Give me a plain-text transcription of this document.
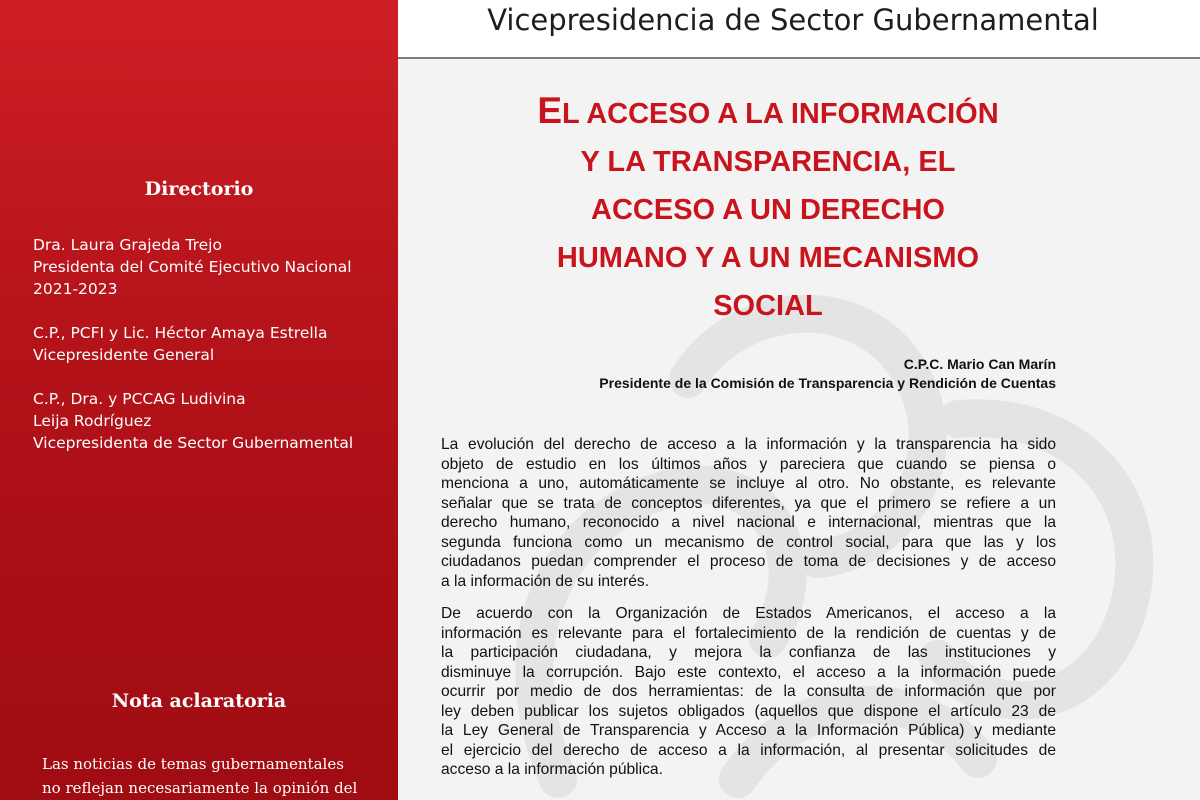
Directorio
Dra. Laura Grajeda Trejo
Presidenta del Comité Ejecutivo Nacional
2021-2023
C.P., PCFI y Lic. Héctor Amaya Estrella
Vicepresidente General
C.P., Dra. y PCCAG Ludivina
Leija Rodríguez
Vicepresidenta de Sector Gubernamental
Nota aclaratoria
Las noticias de temas gubernamentales
no reflejan necesariamente la opinión del
Vicepresidencia de Sector Gubernamental
EL ACCESO A LA INFORMACIÓN
Y LA TRANSPARENCIA, EL
ACCESO A UN DERECHO
HUMANO Y A UN MECANISMO
SOCIAL
C.P.C. Mario Can Marín
Presidente de la Comisión de Transparencia y Rendición de Cuentas
La evolución del derecho de acceso a la información y la transparencia ha sido
objeto de estudio en los últimos años y pareciera que cuando se piensa o
menciona a uno, automáticamente se incluye al otro. No obstante, es relevante
señalar que se trata de conceptos diferentes, ya que el primero se refiere a un
derecho humano, reconocido a nivel nacional e internacional, mientras que la
segunda funciona como un mecanismo de control social, para que las y los
ciudadanos puedan comprender el proceso de toma de decisiones y de acceso
a la información de su interés.
De acuerdo con la Organización de Estados Americanos, el acceso a la
información es relevante para el fortalecimiento de la rendición de cuentas y de
la participación ciudadana, y mejora la confianza de las instituciones y
disminuye la corrupción. Bajo este contexto, el acceso a la información puede
ocurrir por medio de dos herramientas: de la consulta de información que por
ley deben publicar los sujetos obligados (aquellos que dispone el artículo 23 de
la Ley General de Transparencia y Acceso a la Información Pública) y mediante
el ejercicio del derecho de acceso a la información, al presentar solicitudes de
acceso a la información pública.
